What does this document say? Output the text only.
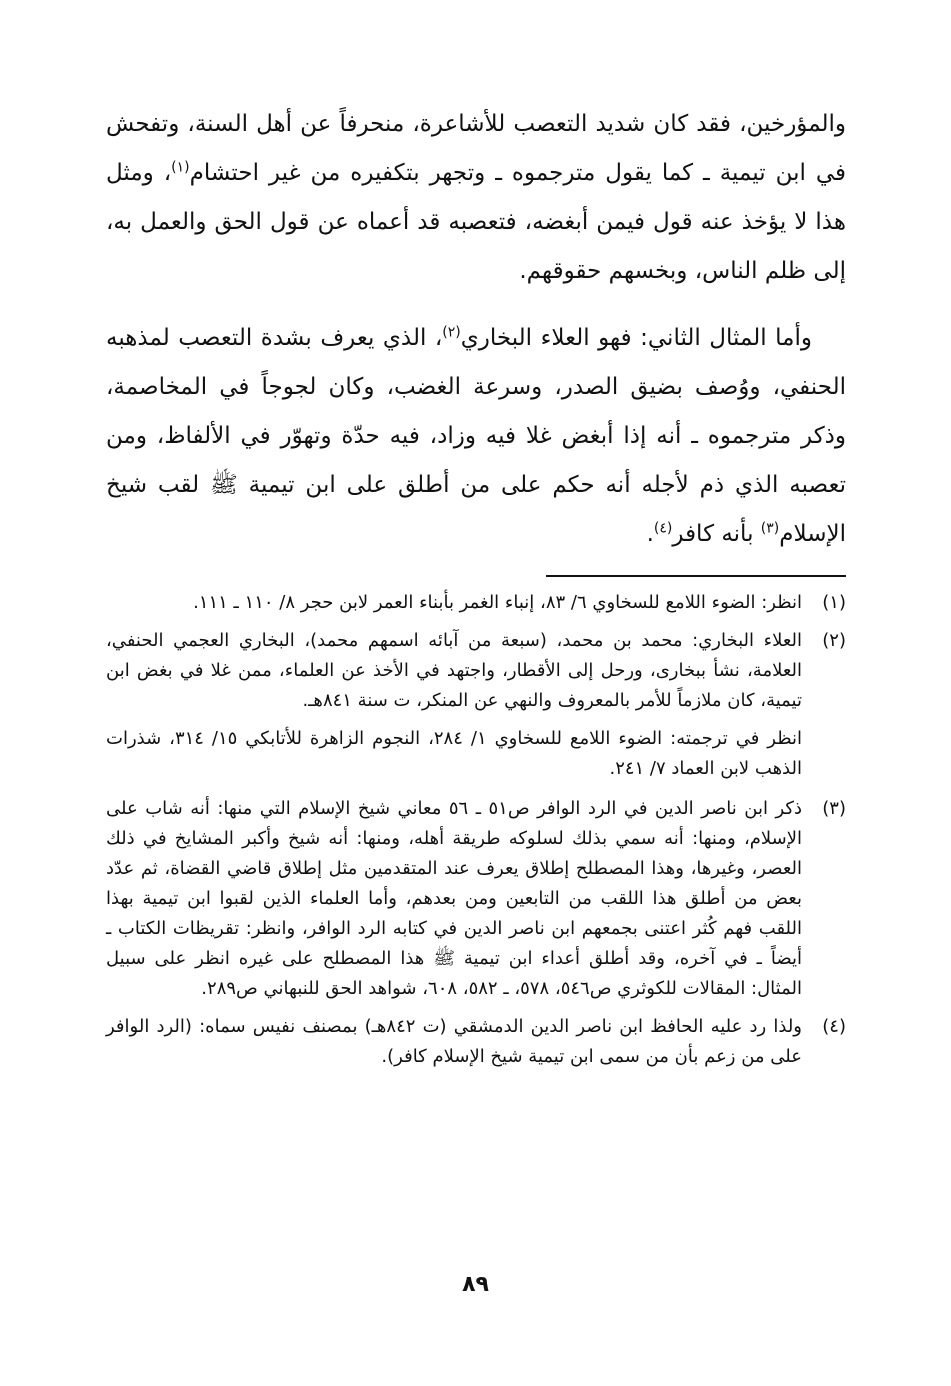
والمؤرخين، فقد كان شديد التعصب للأشاعرة، منحرفاً عن أهل السنة، وتفحش في ابن تيمية ـ كما يقول مترجموه ـ وتجهر بتكفيره من غير احتشام$^{(١)}$، ومثل هذا لا يؤخذ عنه قول فيمن أبغضه، فتعصبه قد أعماه عن قول الحق والعمل به، إلى ظلم الناس، وبخسهم حقوقهم.

وأما المثال الثاني: فهو العلاء البخاري$^{(٢)}$، الذي يعرف بشدة التعصب لمذهبه الحنفي، ووُصف بضيق الصدر، وسرعة الغضب، وكان لجوجاً في المخاصمة، وذكر مترجموه ـ أنه إذا أبغض غلا فيه وزاد، فيه حدّة وتهوّر في الألفاظ، ومن تعصبه الذي ذم لأجله أنه حكم على من أطلق على ابن تيمية ﷺ لقب شيخ الإسلام$^{(٣)}$ بأنه كافر$^{(٤)}$.

(١)
انظر: الضوء اللامع للسخاوي ٦/ ٨٣، إنباء الغمر بأبناء العمر لابن حجر ٨/ ١١٠ ـ ١١١.
(٢)
العلاء البخاري: محمد بن محمد، (سبعة من آبائه اسمهم محمد)، البخاري العجمي الحنفي، العلامة، نشأ ببخارى، ورحل إلى الأقطار، واجتهد في الأخذ عن العلماء، ممن غلا في بغض ابن تيمية، كان ملازماً للأمر بالمعروف والنهي عن المنكر، ت سنة ٨٤١هـ.

انظر في ترجمته: الضوء اللامع للسخاوي ١/ ٢٨٤، النجوم الزاهرة للأتابكي ١٥/ ٣١٤، شذرات الذهب لابن العماد ٧/ ٢٤١.

(٣)
ذكر ابن ناصر الدين في الرد الوافر ص٥١ ـ ٥٦ معاني شيخ الإسلام التي منها: أنه شاب على الإسلام، ومنها: أنه سمي بذلك لسلوكه طريقة أهله، ومنها: أنه شيخ وأكبر المشايخ في ذلك العصر، وغيرها، وهذا المصطلح إطلاق يعرف عند المتقدمين مثل إطلاق قاضي القضاة، ثم عدّد بعض من أطلق هذا اللقب من التابعين ومن بعدهم، وأما العلماء الذين لقبوا ابن تيمية بهذا اللقب فهم كُثر اعتنى بجمعهم ابن ناصر الدين في كتابه الرد الوافر، وانظر: تقريظات الكتاب ـ أيضاً ـ في آخره، وقد أطلق أعداء ابن تيمية ﷺ هذا المصطلح على غيره انظر على سبيل المثال: المقالات للكوثري ص٥٤٦، ٥٧٨، ـ ٥٨٢، ٦٠٨، شواهد الحق للنبهاني ص٢٨٩.
(٤)
ولذا رد عليه الحافظ ابن ناصر الدين الدمشقي (ت ٨٤٢هـ) بمصنف نفيس سماه: (الرد الوافر على من زعم بأن من سمى ابن تيمية شيخ الإسلام كافر).
٨٩
